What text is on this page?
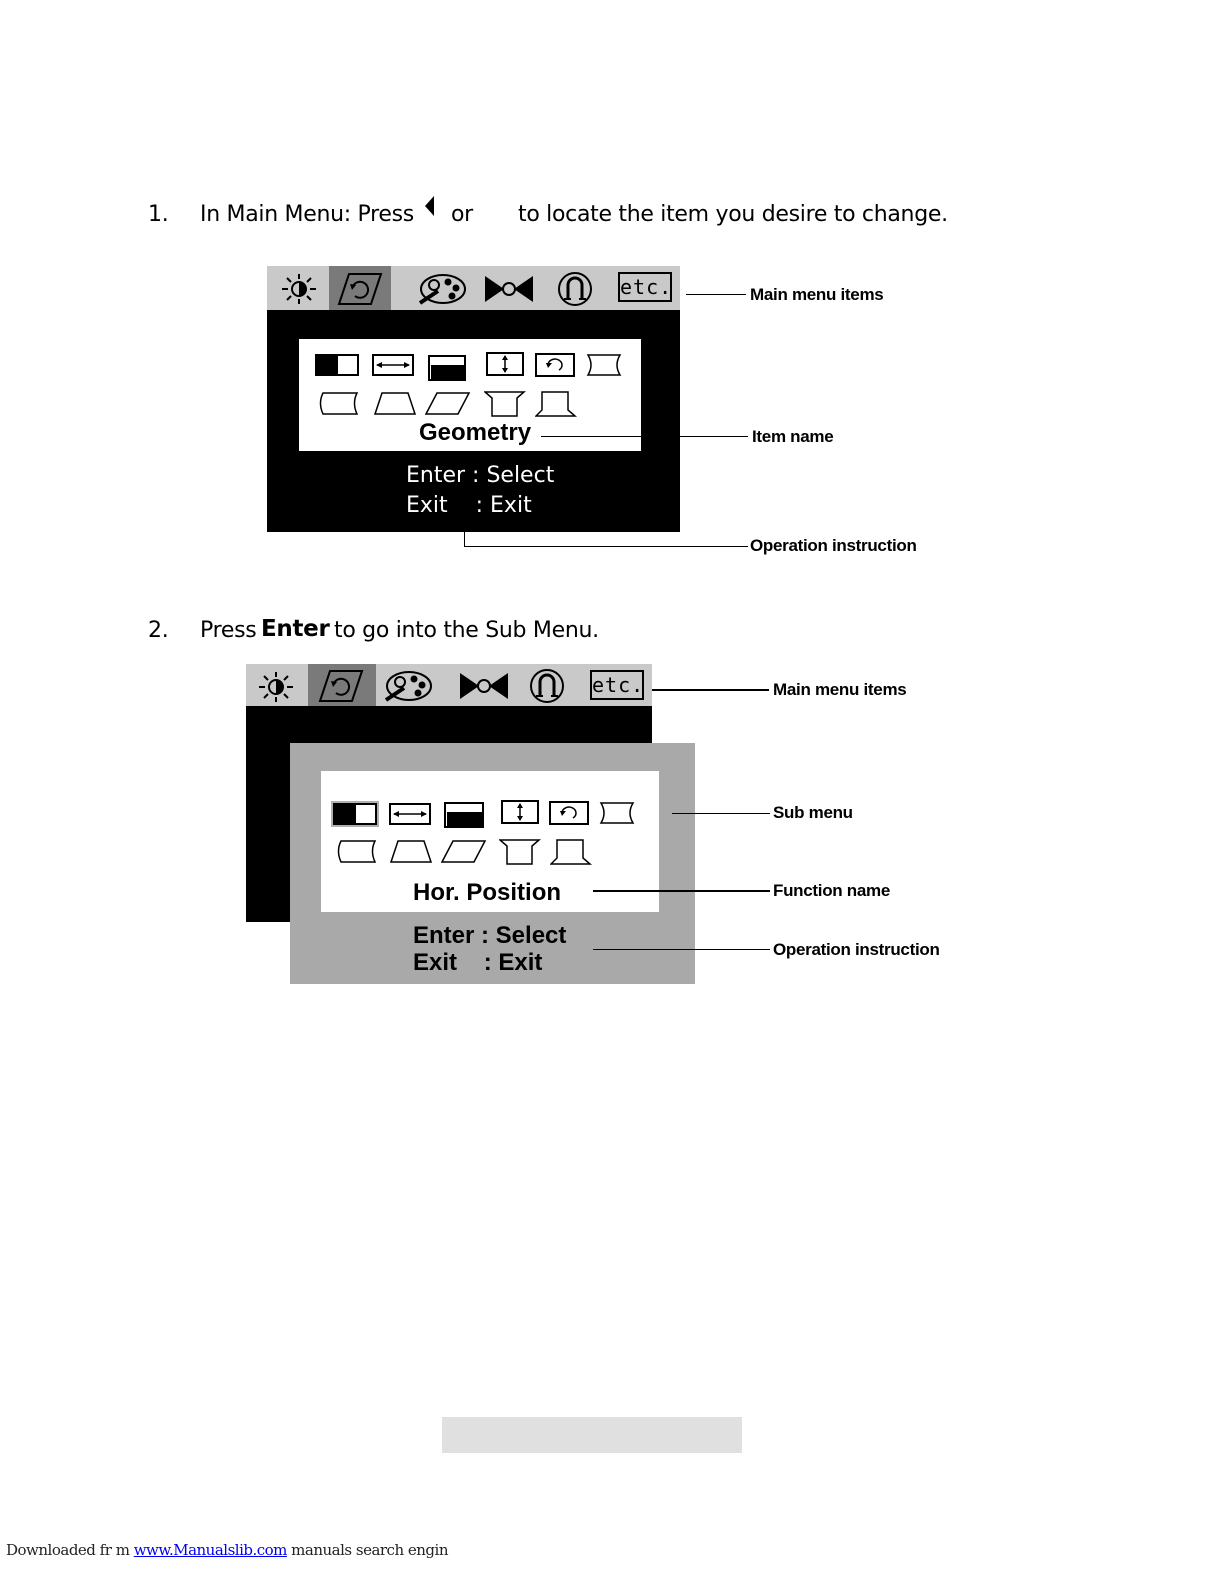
1. In Main Menu: Press or to locate the item you desire to change.
etc.
Geometry
Enter : Select
Exit    : Exit
Main menu items
Item name
Operation instruction
2. Press Enter to go into the Sub Menu.
etc.
Hor. Position
Enter : Select
Exit    : Exit
Main menu items
Sub menu
Function name
Operation instruction
Downloaded fr m www.Manualslib.com manuals search engin
